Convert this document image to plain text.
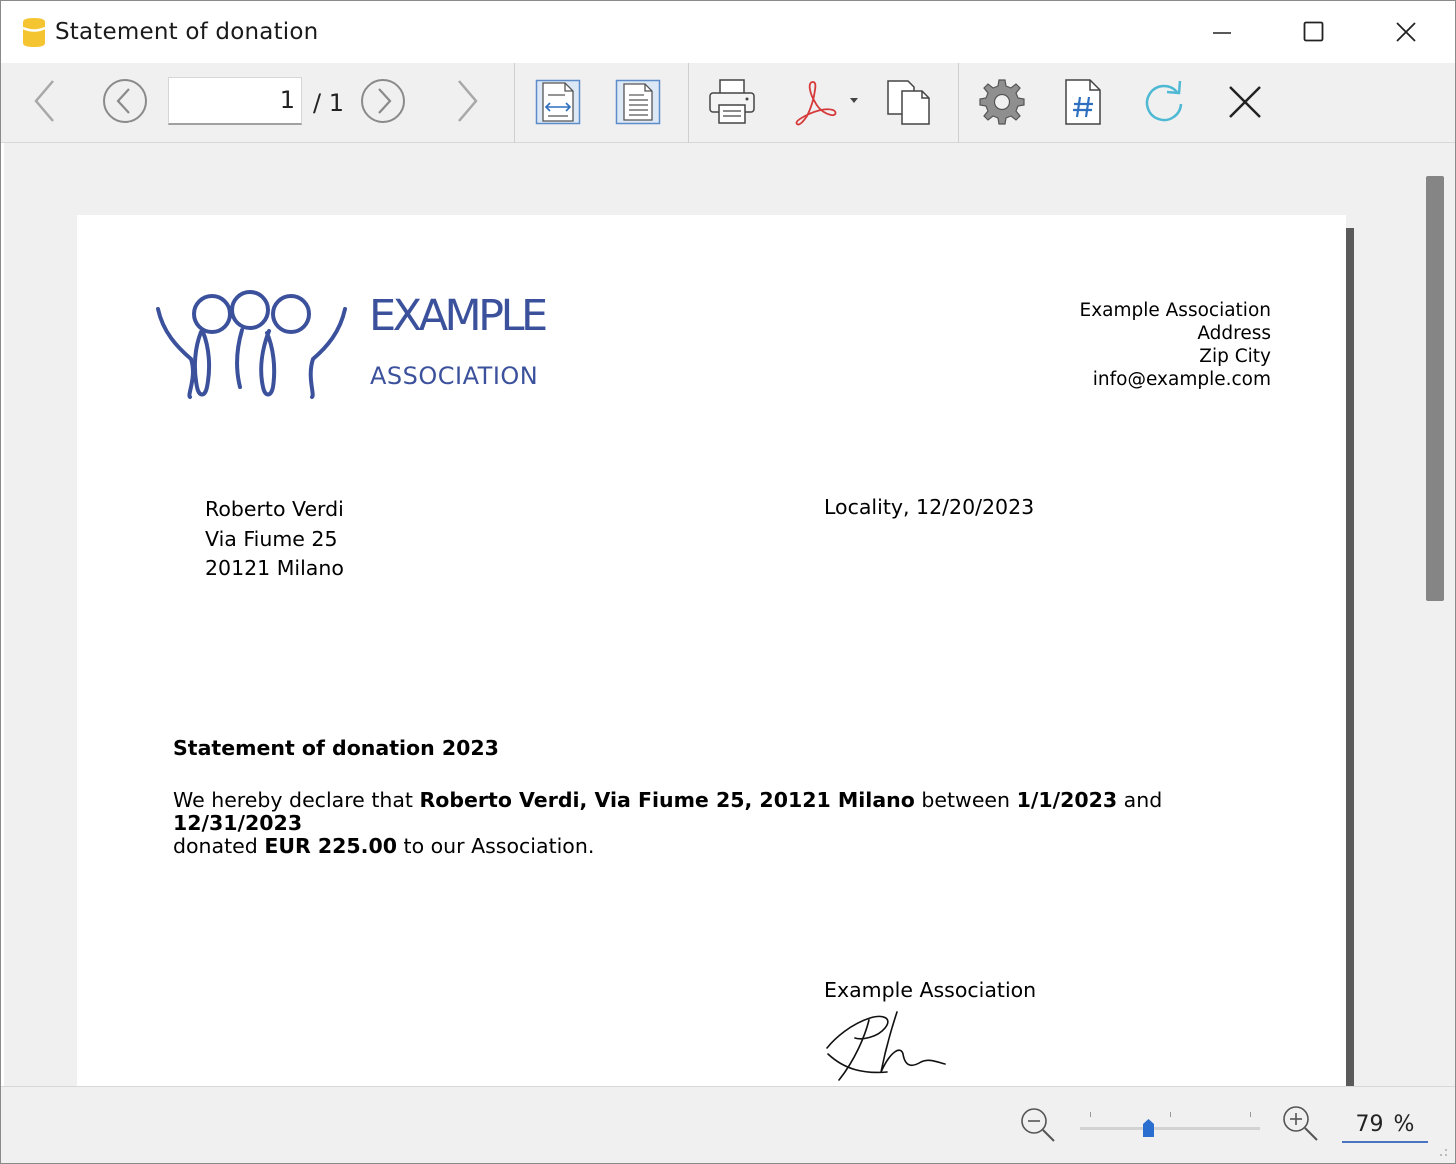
Statement of donation
1 / 1
EXAMPLE
ASSOCIATION
Example Association
Address
Zip City
info@example.com
Roberto Verdi
Via Fiume 25
20121 Milano
Locality, 12/20/2023
Statement of donation 2023
We hereby declare that Roberto Verdi, Via Fiume 25, 20121 Milano between 1/1/2023 and 12/31/2023
donated EUR 225.00 to our Association.
Example Association
79 %
